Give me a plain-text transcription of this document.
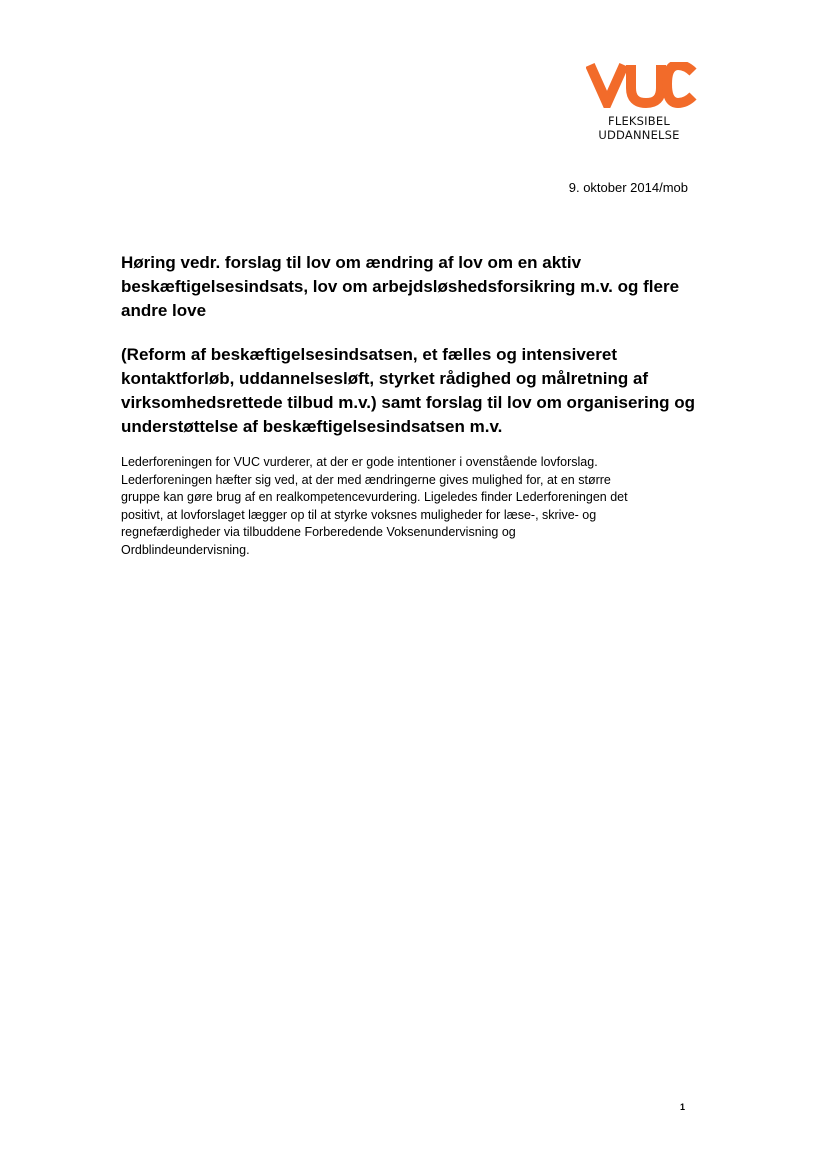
FLEKSIBEL
UDDANNELSE
9. oktober 2014/mob
Høring vedr. forslag til lov om ændring af lov om en aktiv
beskæftigelsesindsats, lov om arbejdsløshedsforsikring m.v. og flere
andre love
(Reform af beskæftigelsesindsatsen, et fælles og intensiveret
kontaktforløb, uddannelsesløft, styrket rådighed og målretning af
virksomhedsrettede tilbud m.v.) samt forslag til lov om organisering og
understøttelse af beskæftigelsesindsatsen m.v.

Lederforeningen for VUC vurderer, at der er gode intentioner i ovenstående lovforslag.
Lederforeningen hæfter sig ved, at der med ændringerne gives mulighed for, at en større
gruppe kan gøre brug af en realkompetencevurdering. Ligeledes finder Lederforeningen det
positivt, at lovforslaget lægger op til at styrke voksnes muligheder for læse-, skrive- og
regnefærdigheder via tilbuddene Forberedende Voksenundervisning og
Ordblindeundervisning.

1
